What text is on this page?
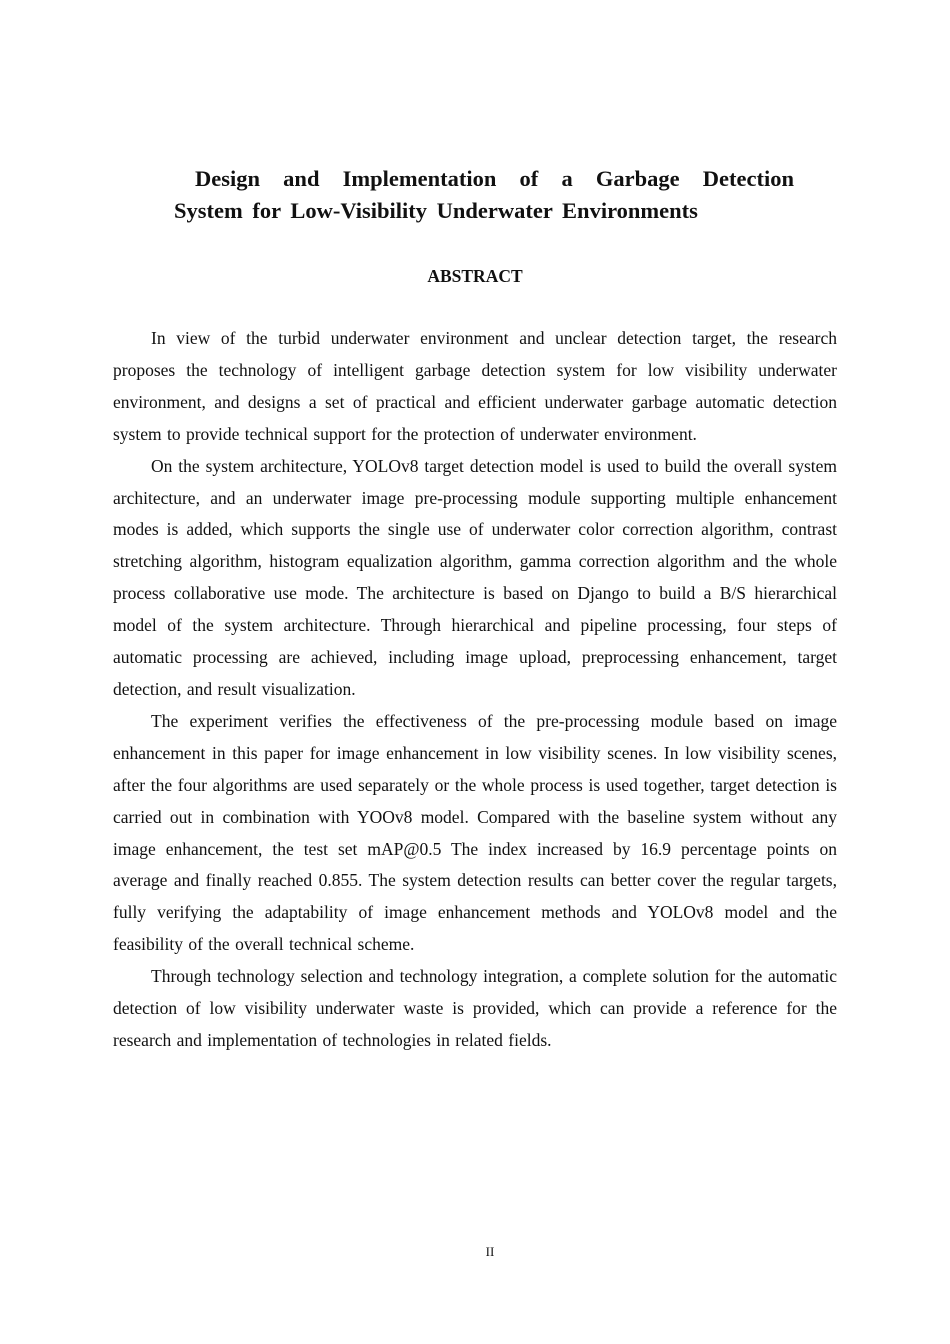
Design and Implementation of a Garbage Detection
System for Low-Visibility Underwater Environments
ABSTRACT

In view of the turbid underwater environment and unclear detection target, the research proposes the technology of intelligent garbage detection system for low visibility underwater environment, and designs a set of practical and efficient underwater garbage automatic detection system to provide technical support for the protection of underwater environment.

On the system architecture, YOLOv8 target detection model is used to build the overall system architecture, and an underwater image pre-processing module supporting multiple enhancement modes is added, which supports the single use of underwater color correction algorithm, contrast stretching algorithm, histogram equalization algorithm, gamma correction algorithm and the whole process collaborative use mode. The architecture is based on Django to build a B/S hierarchical model of the system architecture. Through hierarchical and pipeline processing, four steps of automatic processing are achieved, including image upload, preprocessing enhancement, target detection, and result visualization.

The experiment verifies the effectiveness of the pre-processing module based on image enhancement in this paper for image enhancement in low visibility scenes. In low visibility scenes, after the four algorithms are used separately or the whole process is used together, target detection is carried out in combination with YOOv8 model. Compared with the baseline system without any image enhancement, the test set mAP@0.5 The index increased by 16.9 percentage points on average and finally reached 0.855. The system detection results can better cover the regular targets, fully verifying the adaptability of image enhancement methods and YOLOv8 model and the feasibility of the overall technical scheme.

Through technology selection and technology integration, a complete solution for the automatic detection of low visibility underwater waste is provided, which can provide a reference for the research and implementation of technologies in related fields.

II
